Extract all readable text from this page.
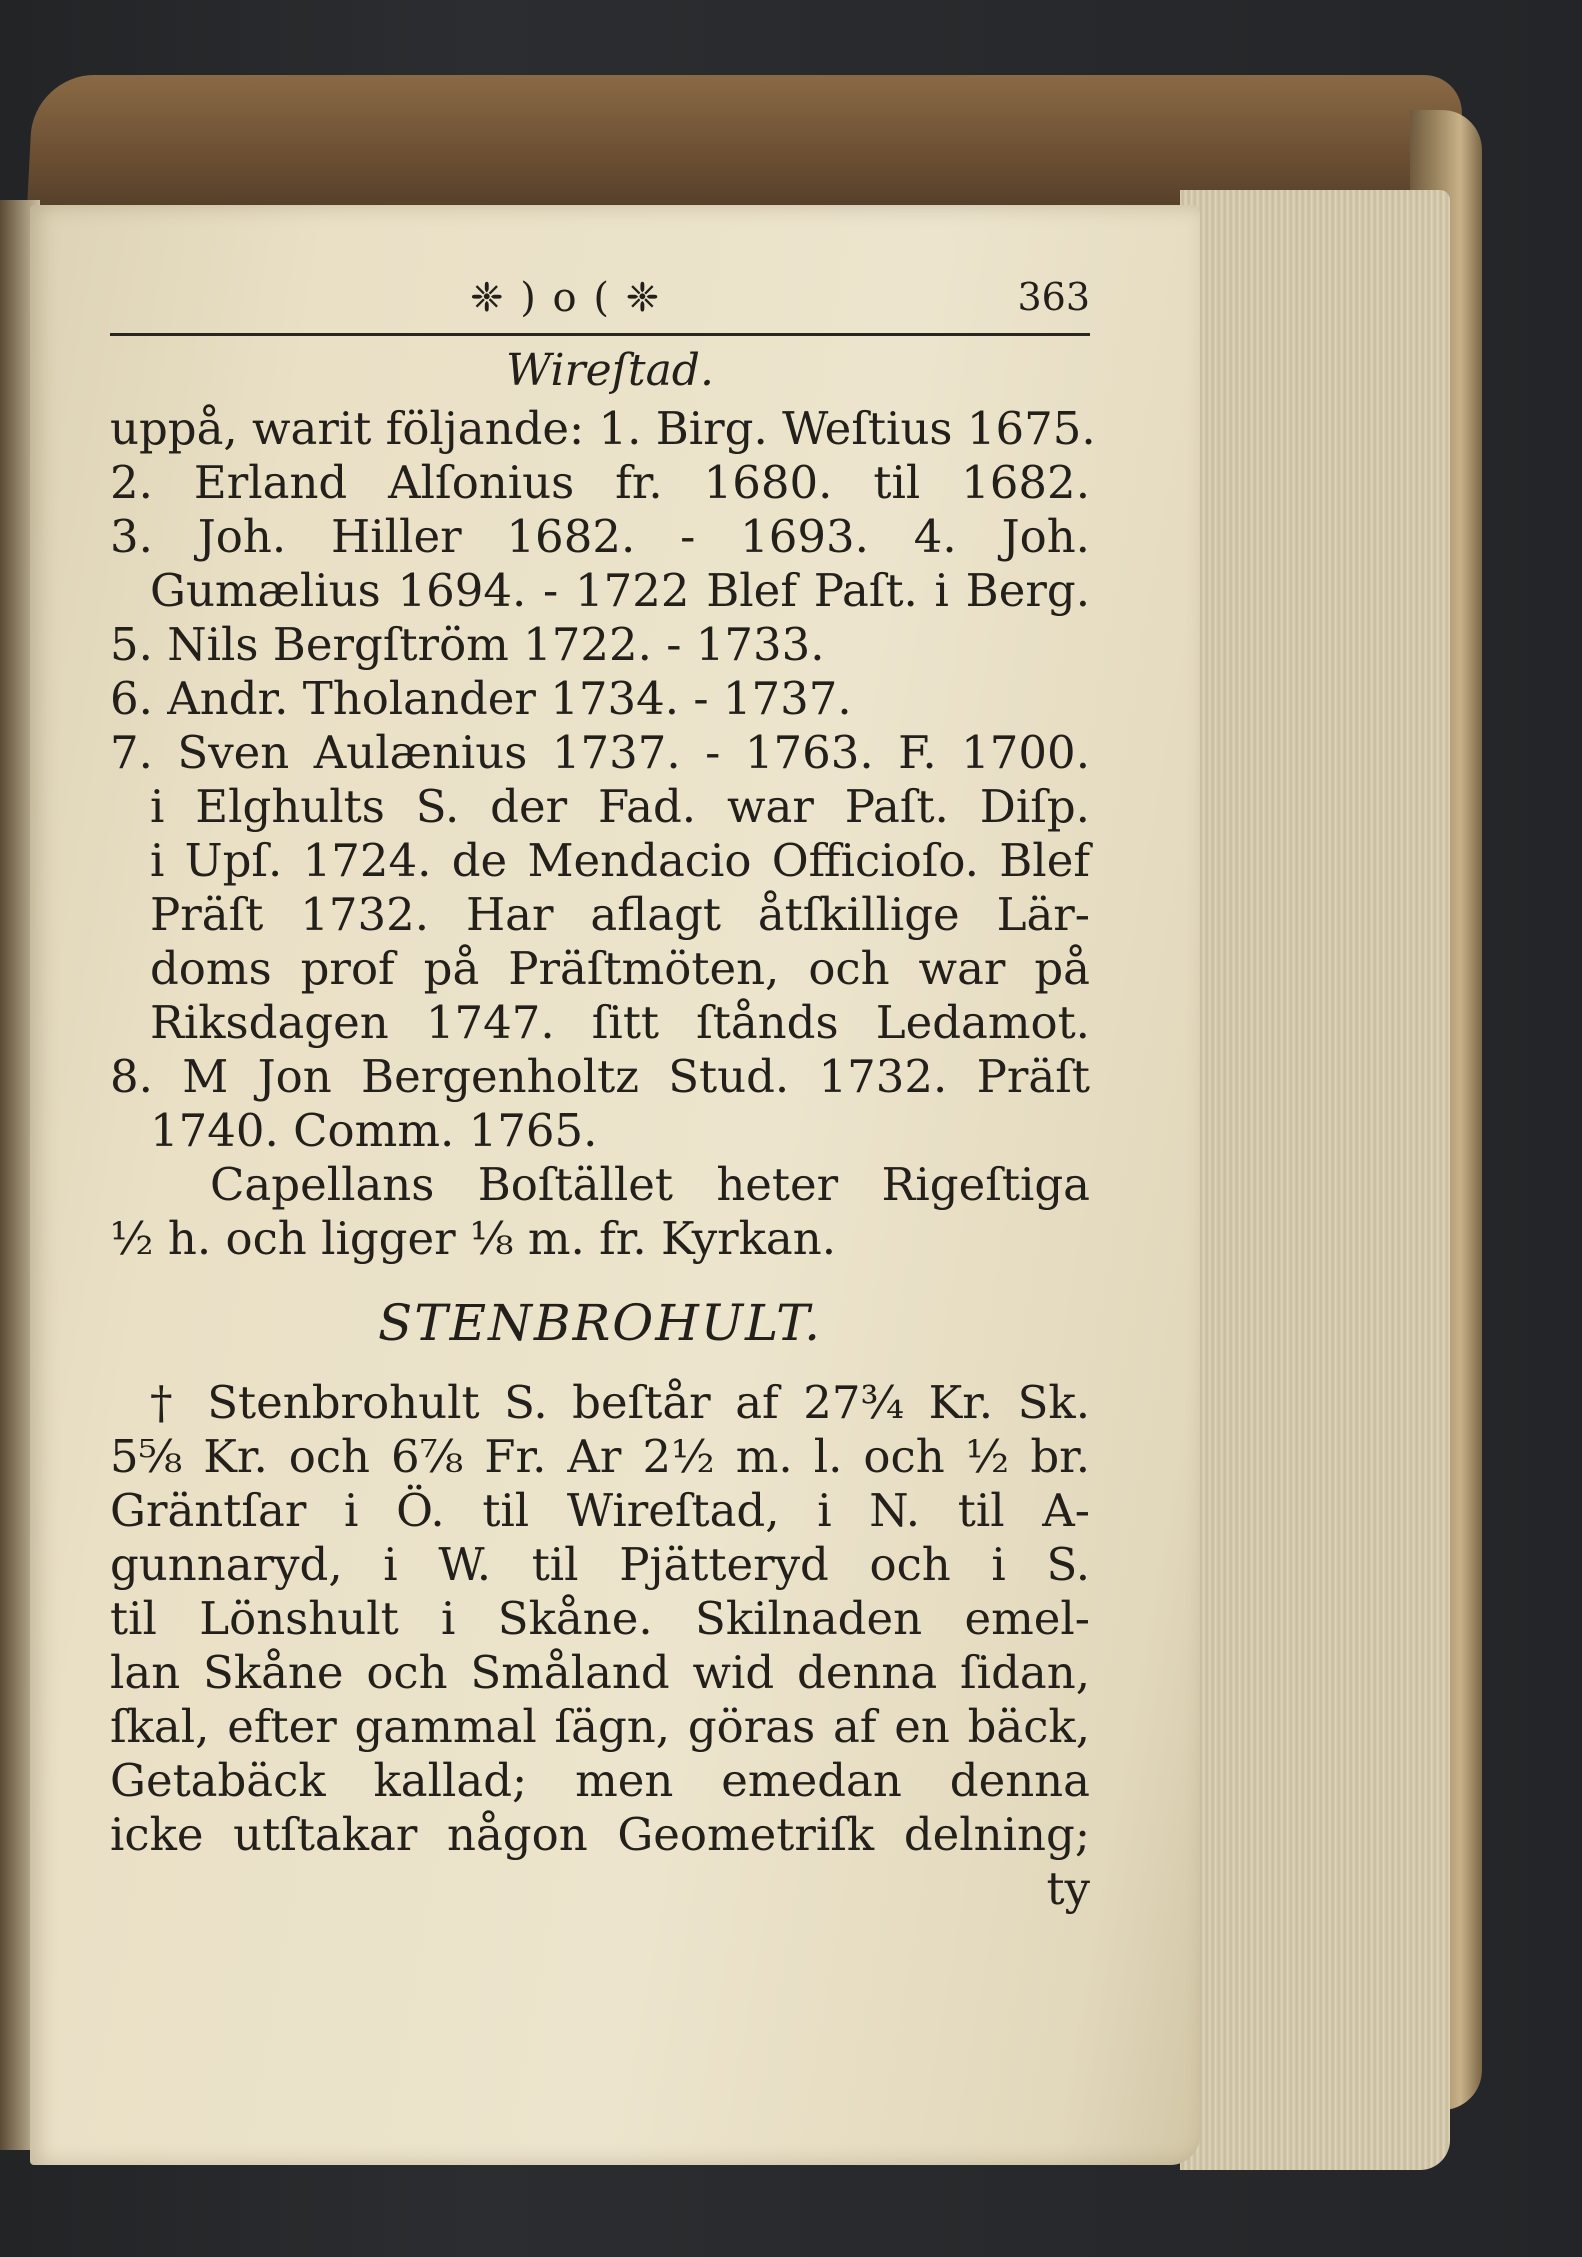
❈ ) o ( ❈	363
Wireſtad.
uppå, warit följande: 1. Birg. Weſtius 1675.
2. Erland Alſonius fr. 1680. til 1682.
3. Joh. Hiller 1682. ‑ 1693. 4. Joh.
Gumælius 1694. ‑ 1722 Blef Paſt. i Berg.
5. Nils Bergſtröm 1722. ‑ 1733.
6. Andr. Tholander 1734. ‑ 1737.
7. Sven Aulænius 1737. ‑ 1763. F. 1700.
i Elghults S. der Fad. war Paſt. Diſp.
i Upſ. 1724. de Mendacio Officioſo. Blef
Präſt 1732. Har aflagt åtſkillige Lär‑
doms prof på Präſtmöten, och war på
Riksdagen 1747. ſitt ſtånds Ledamot.
8. M Jon Bergenholtz Stud. 1732. Präſt
1740. Comm. 1765.
Capellans Boſtället heter Rigeſtiga
½ h. och ligger ⅛ m. fr. Kyrkan.
STENBROHULT.
† Stenbrohult S. beſtår af 27¾ Kr. Sk.
5⅝ Kr. och 6⅞ Fr. Ar 2½ m. l. och ½ br.
Gräntſar i Ö. til Wireſtad, i N. til A‑
gunnaryd, i W. til Pjätteryd och i S.
til Lönshult i Skåne. Skilnaden emel‑
lan Skåne och Småland wid denna ſidan,
ſkal, efter gammal ſägn, göras af en bäck,
Getabäck kallad; men emedan denna
icke utſtakar någon Geometriſk delning;
ty
